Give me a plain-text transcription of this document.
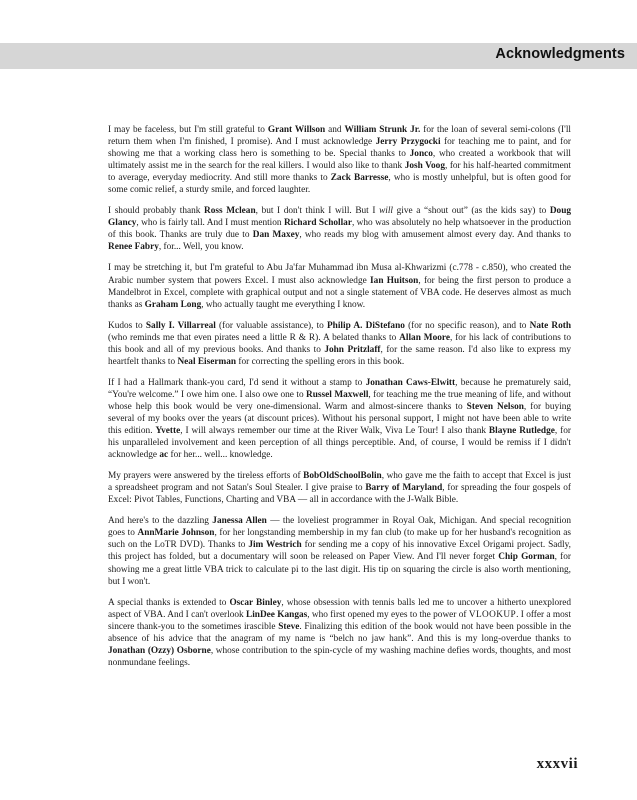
Acknowledgments

I may be faceless, but I'm still grateful to Grant Willson and William Strunk Jr. for the loan of several semi-colons (I'll return them when I'm finished, I promise). And I must acknowledge Jerry Przygocki for teaching me to paint, and for showing me that a working class hero is something to be. Special thanks to Jonco, who created a workbook that will ultimately assist me in the search for the real killers. I would also like to thank Josh Voog, for his half-hearted commitment to average, everyday mediocrity. And still more thanks to Zack Barresse, who is mostly unhelpful, but is often good for some comic relief, a sturdy smile, and forced laughter.

I should probably thank Ross Mclean, but I don't think I will. But I will give a “shout out” (as the kids say) to Doug Glancy, who is fairly tall. And I must mention Richard Schollar, who was absolutely no help whatsoever in the production of this book. Thanks are truly due to Dan Maxey, who reads my blog with amusement almost every day. And thanks to Renee Fabry, for... Well, you know.

I may be stretching it, but I'm grateful to Abu Ja'far Muhammad ibn Musa al-Khwarizmi (c.778 - c.850), who created the Arabic number system that powers Excel. I must also acknowledge Ian Huitson, for being the first person to produce a Mandelbrot in Excel, complete with graphical output and not a single statement of VBA code. He deserves almost as much thanks as Graham Long, who actually taught me everything I know.

Kudos to Sally I. Villarreal (for valuable assistance), to Philip A. DiStefano (for no specific reason), and to Nate Roth (who reminds me that even pirates need a little R & R). A belated thanks to Allan Moore, for his lack of contributions to this book and all of my previous books. And thanks to John Pritzlaff, for the same reason. I'd also like to express my heartfelt thanks to Neal Eiserman for correcting the spelling erors in this book.

If I had a Hallmark thank-you card, I'd send it without a stamp to Jonathan Caws-Elwitt, because he prematurely said, “You're welcome.” I owe him one. I also owe one to Russel Maxwell, for teaching me the true meaning of life, and without whose help this book would be very one-dimensional. Warm and almost-sincere thanks to Steven Nelson, for buying several of my books over the years (at discount prices). Without his personal support, I might not have been able to write this edition. Yvette, I will always remember our time at the River Walk, Viva Le Tour! I also thank Blayne Rutledge, for his unparalleled involvement and keen perception of all things perceptible. And, of course, I would be remiss if I didn't acknowledge ac for her... well... knowledge.

My prayers were answered by the tireless efforts of BobOldSchoolBolin, who gave me the faith to accept that Excel is just a spreadsheet program and not Satan's Soul Stealer. I give praise to Barry of Maryland, for spreading the four gospels of Excel: Pivot Tables, Functions, Charting and VBA — all in accordance with the J-Walk Bible.

And here's to the dazzling Janessa Allen — the loveliest programmer in Royal Oak, Michigan. And special recognition goes to AnnMarie Johnson, for her longstanding membership in my fan club (to make up for her husband's recognition as such on the LoTR DVD). Thanks to Jim Westrich for sending me a copy of his innovative Excel Origami project. Sadly, this project has folded, but a documentary will soon be released on Paper View. And I'll never forget Chip Gorman, for showing me a great little VBA trick to calculate pi to the last digit. His tip on squaring the circle is also worth mentioning, but I won't.

A special thanks is extended to Oscar Binley, whose obsession with tennis balls led me to uncover a hitherto unexplored aspect of VBA. And I can't overlook LinDee Kangas, who first opened my eyes to the power of VLOOKUP. I offer a most sincere thank-you to the sometimes irascible Steve. Finalizing this edition of the book would not have been possible in the absence of his advice that the anagram of my name is “belch no jaw hank”. And this is my long-overdue thanks to Jonathan (Ozzy) Osborne, whose contribution to the spin-cycle of my washing machine defies words, thoughts, and most nonmundane feelings.

xxxvii
